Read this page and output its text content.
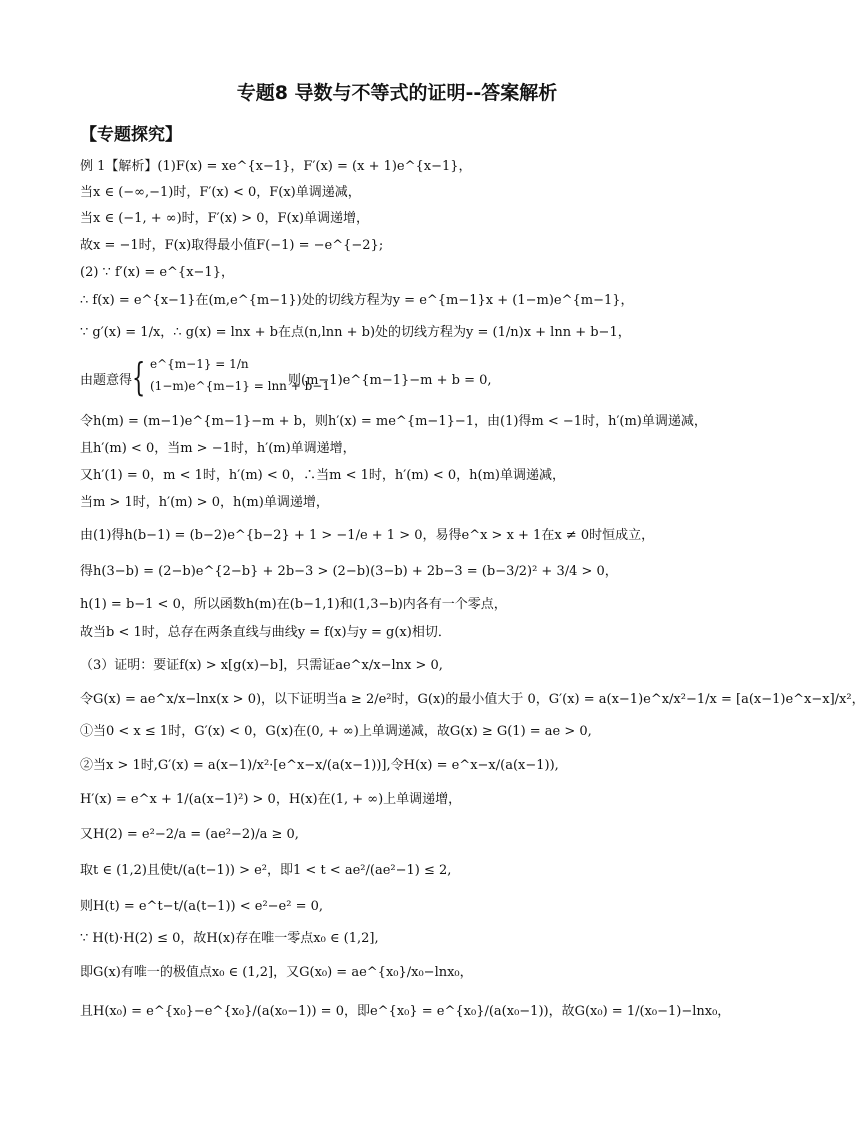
专题8 导数与不等式的证明--答案解析
【专题探究】
例 1【解析】(1)F(x) = xe^{x−1}，F′(x) = (x + 1)e^{x−1}，
当x ∈ (−∞,−1)时，F′(x) < 0，F(x)单调递减，
当x ∈ (−1, + ∞)时，F′(x) > 0，F(x)单调递增，
故x = −1时，F(x)取得最小值F(−1) = −e^{−2};
(2) ∵ f′(x) = e^{x−1}，
∴ f(x) = e^{x−1}在(m,e^{m−1})处的切线方程为y = e^{m−1}x + (1−m)e^{m−1}，
∵ g′(x) = 1/x，∴ g(x) = lnx + b在点(n,lnn + b)处的切线方程为y = (1/n)x + lnn + b−1，
由题意得 { e^{m−1} = 1/n
(1−m)e^{m−1} = lnn + b−1
则(m−1)e^{m−1}−m + b = 0,
令h(m) = (m−1)e^{m−1}−m + b，则h′(x) = me^{m−1}−1，由(1)得m < −1时，h′(m)单调递减，
且h′(m) < 0，当m > −1时，h′(m)单调递增，
又h′(1) = 0，m < 1时，h′(m) < 0，∴当m < 1时，h′(m) < 0，h(m)单调递减，
当m > 1时，h′(m) > 0，h(m)单调递增，
由(1)得h(b−1) = (b−2)e^{b−2} + 1 > −1/e + 1 > 0，易得e^x > x + 1在x ≠ 0时恒成立，
得h(3−b) = (2−b)e^{2−b} + 2b−3 > (2−b)(3−b) + 2b−3 = (b−3/2)² + 3/4 > 0，
h(1) = b−1 < 0，所以函数h(m)在(b−1,1)和(1,3−b)内各有一个零点，
故当b < 1时，总存在两条直线与曲线y = f(x)与y = g(x)相切．
（3）证明：要证f(x) > x[g(x)−b]，只需证ae^x/x−lnx > 0,
令G(x) = ae^x/x−lnx(x > 0)，以下证明当a ≥ 2/e²时，G(x)的最小值大于 0，G′(x) = a(x−1)e^x/x²−1/x = [a(x−1)e^x−x]/x²，
①当0 < x ≤ 1时，G′(x) < 0，G(x)在(0, + ∞)上单调递减，故G(x) ≥ G(1) = ae > 0,
②当x > 1时,G′(x) = a(x−1)/x²·[e^x−x/(a(x−1))],令H(x) = e^x−x/(a(x−1)),
H′(x) = e^x + 1/(a(x−1)²) > 0，H(x)在(1, + ∞)上单调递增，
又H(2) = e²−2/a = (ae²−2)/a ≥ 0,
取t ∈ (1,2)且使t/(a(t−1)) > e²，即1 < t < ae²/(ae²−1) ≤ 2,
则H(t) = e^t−t/(a(t−1)) < e²−e² = 0,
∵ H(t)·H(2) ≤ 0，故H(x)存在唯一零点x₀ ∈ (1,2],
即G(x)有唯一的极值点x₀ ∈ (1,2]，又G(x₀) = ae^{x₀}/x₀−lnx₀，
且H(x₀) = e^{x₀}−e^{x₀}/(a(x₀−1)) = 0，即e^{x₀} = e^{x₀}/(a(x₀−1))，故G(x₀) = 1/(x₀−1)−lnx₀，
